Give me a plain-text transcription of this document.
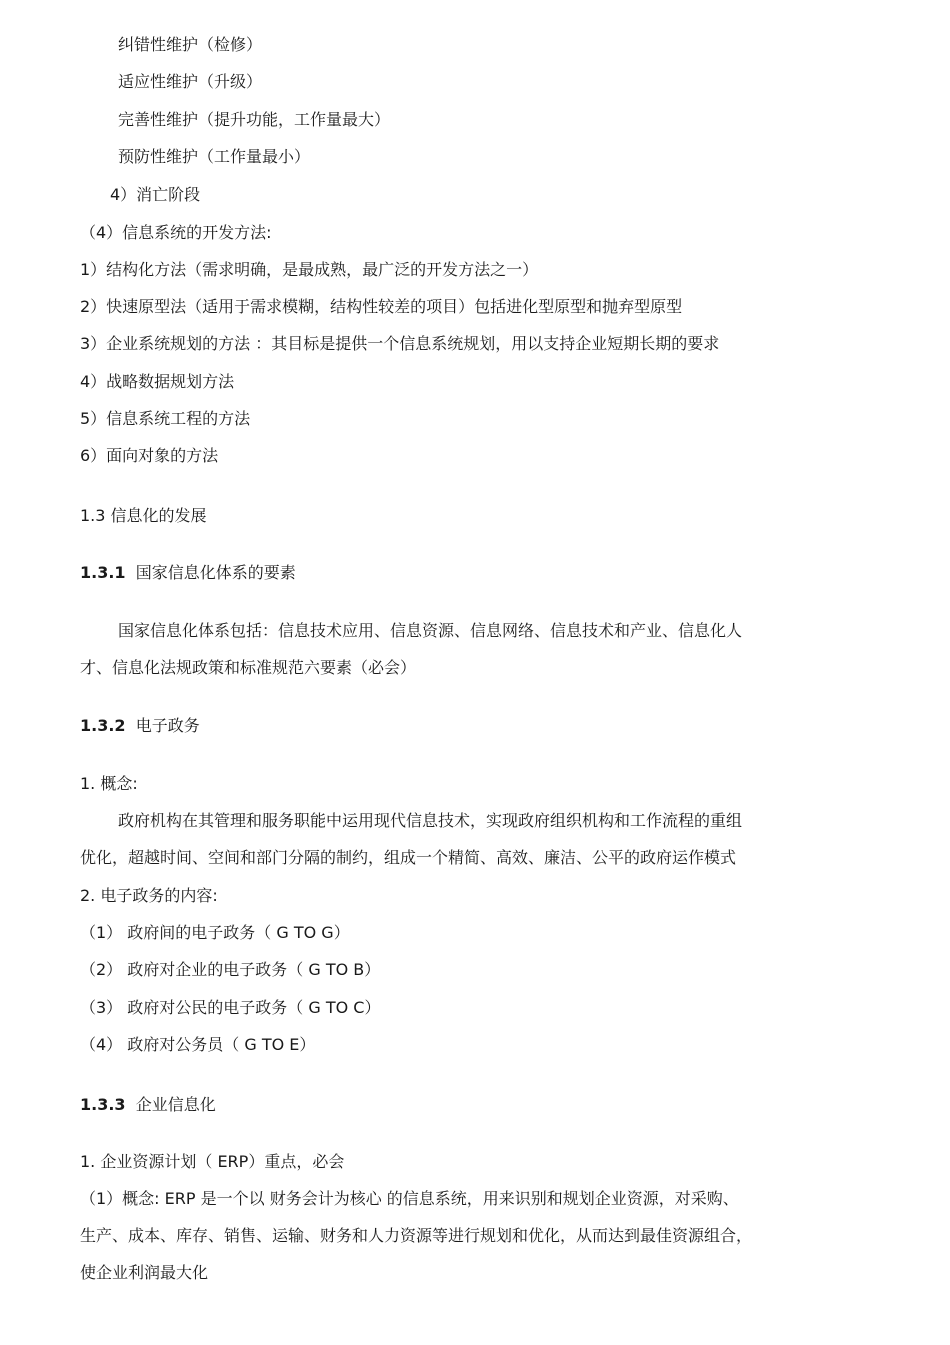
纠错性维护（检修）
适应性维护（升级）
完善性维护（提升功能，工作量最大）
预防性维护（工作量最小）
4）消亡阶段
（4）信息系统的开发方法:
1）结构化方法（需求明确，是最成熟，最广泛的开发方法之一）
2）快速原型法（适用于需求模糊，结构性较差的项目）包括进化型原型和抛弃型原型
3）企业系统规划的方法 ：其目标是提供一个信息系统规划，用以支持企业短期长期的要求
4）战略数据规划方法
5）信息系统工程的方法
6）面向对象的方法
1.3 信息化的发展
1.3.1 国家信息化体系的要素
国家信息化体系包括：信息技术应用、信息资源、信息网络、信息技术和产业、信息化人
才、信息化法规政策和标准规范六要素（必会）
1.3.2 电子政务
1. 概念:
政府机构在其管理和服务职能中运用现代信息技术，实现政府组织机构和工作流程的重组
优化，超越时间、空间和部门分隔的制约，组成一个精简、高效、廉洁、公平的政府运作模式
2. 电子政务的内容:
（1） 政府间的电子政务（ G TO G）
（2） 政府对企业的电子政务（ G TO B）
（3） 政府对公民的电子政务（ G TO C）
（4） 政府对公务员（ G TO E）
1.3.3 企业信息化
1. 企业资源计划（ ERP）重点，必会
（1）概念: ERP 是一个以 财务会计为核心 的信息系统，用来识别和规划企业资源，对采购、
生产、成本、库存、销售、运输、财务和人力资源等进行规划和优化，从而达到最佳资源组合，
使企业利润最大化
